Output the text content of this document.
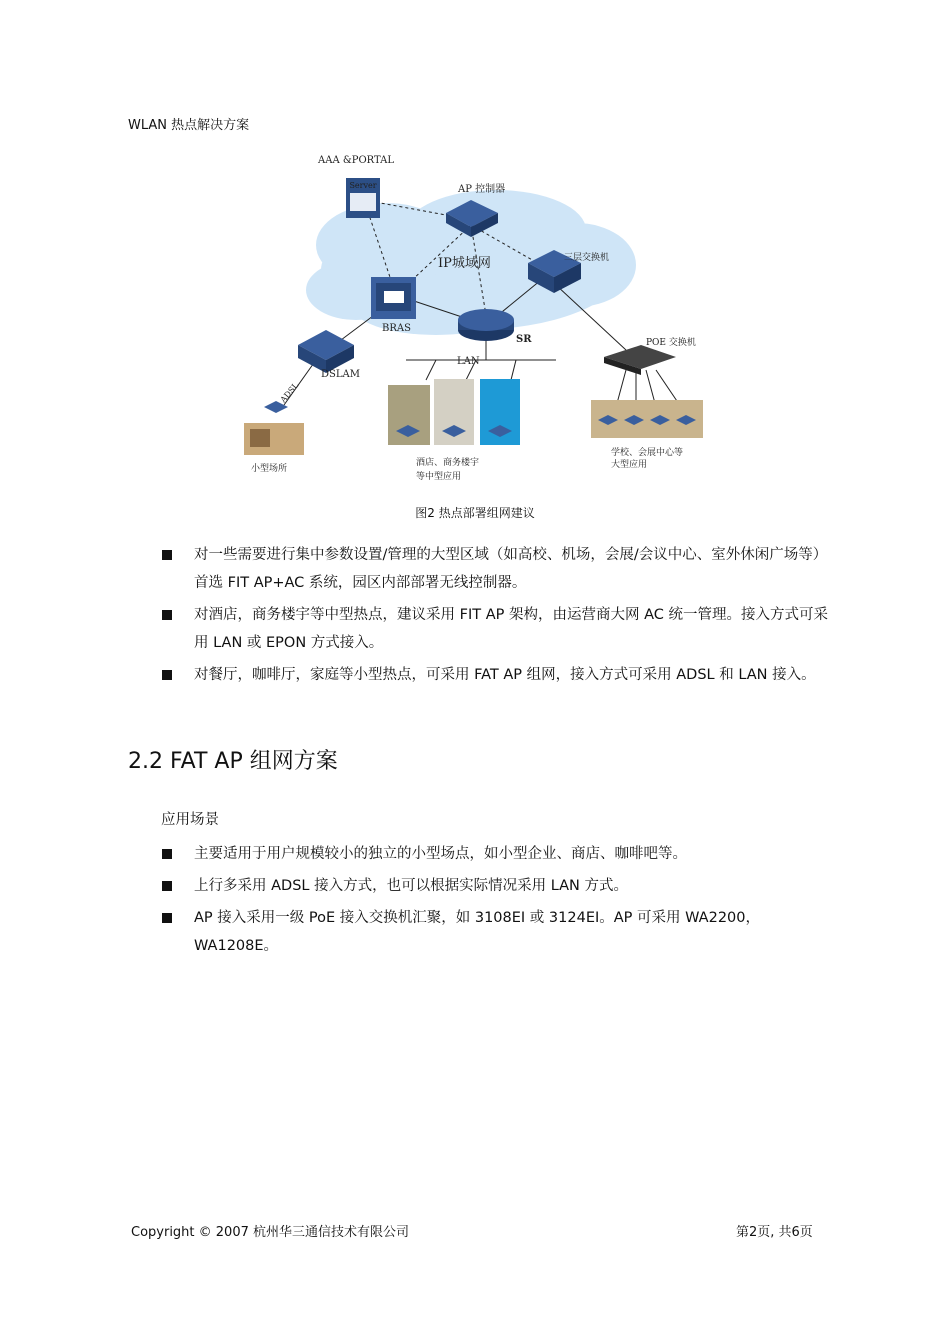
WLAN 热点解决方案
Server
AAA &PORTAL
AP 控制器
IP城域网	三层交换机
BRAS
SR
LAN
DSLAM
ADSL
小型场所
酒店、商务楼宇
等中型应用
POE 交换机
学校、会展中心等
大型应用
图2 热点部署组网建议
对一些需要进行集中参数设置/管理的大型区域（如高校、机场，会展/会议中心、室外休闲广场等）首选 FIT AP+AC 系统，园区内部部署无线控制器。
对酒店，商务楼宇等中型热点，建议采用 FIT AP 架构，由运营商大网 AC 统一管理。接入方式可采用 LAN 或 EPON 方式接入。
对餐厅，咖啡厅，家庭等小型热点，可采用 FAT AP 组网，接入方式可采用 ADSL 和 LAN 接入。
2.2 FAT AP 组网方案
应用场景
主要适用于用户规模较小的独立的小型场点，如小型企业、商店、咖啡吧等。
上行多采用 ADSL 接入方式，也可以根据实际情况采用 LAN 方式。
AP 接入采用一级 PoE 接入交换机汇聚，如 3108EI 或 3124EI。AP 可采用 WA2200，WA1208E。
Copyright © 2007 杭州华三通信技术有限公司	第2页, 共6页
